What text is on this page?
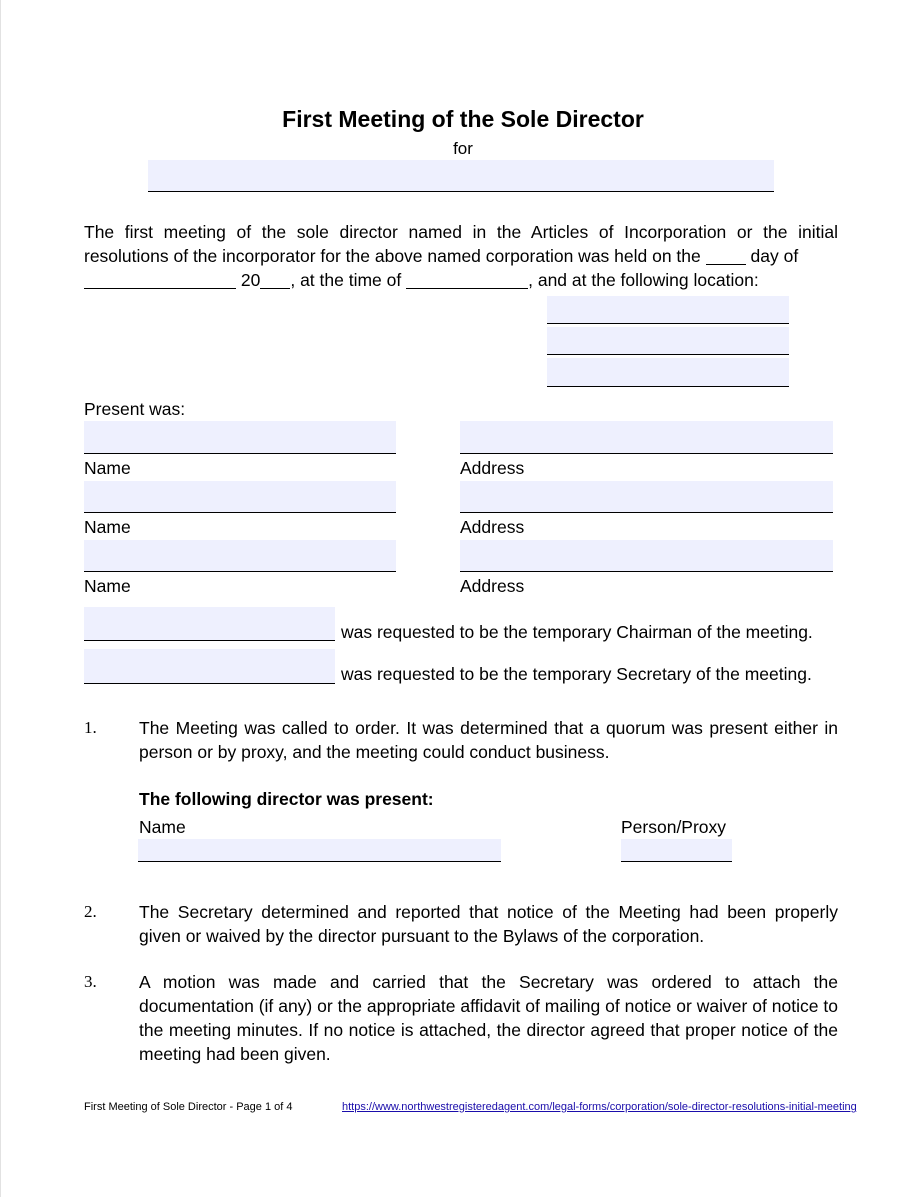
First Meeting of the Sole Director
for
The first meeting of the sole director named in the Articles of Incorporation or the initial resolutions of the incorporator for the above named corporation was held on the	day of
20 , at the time of	, and at the following location:
Present was:
Name	Address
Name	Address
Name	Address
was requested to be the temporary Chairman of the meeting.
was requested to be the temporary Secretary of the meeting.
1. The Meeting was called to order. It was determined that a quorum was present either in person or by proxy, and the meeting could conduct business.
The following director was present:
Name	Person/Proxy
2. The Secretary determined and reported that notice of the Meeting had been properly given or waived by the director pursuant to the Bylaws of the corporation.
3. A motion was made and carried that the Secretary was ordered to attach the documentation (if any) or the appropriate affidavit of mailing of notice or waiver of notice to the meeting minutes. If no notice is attached, the director agreed that proper notice of the meeting had been given.
First Meeting of Sole Director - Page 1 of 4	https://www.northwestregisteredagent.com/legal-forms/corporation/sole-director-resolutions-initial-meeting
